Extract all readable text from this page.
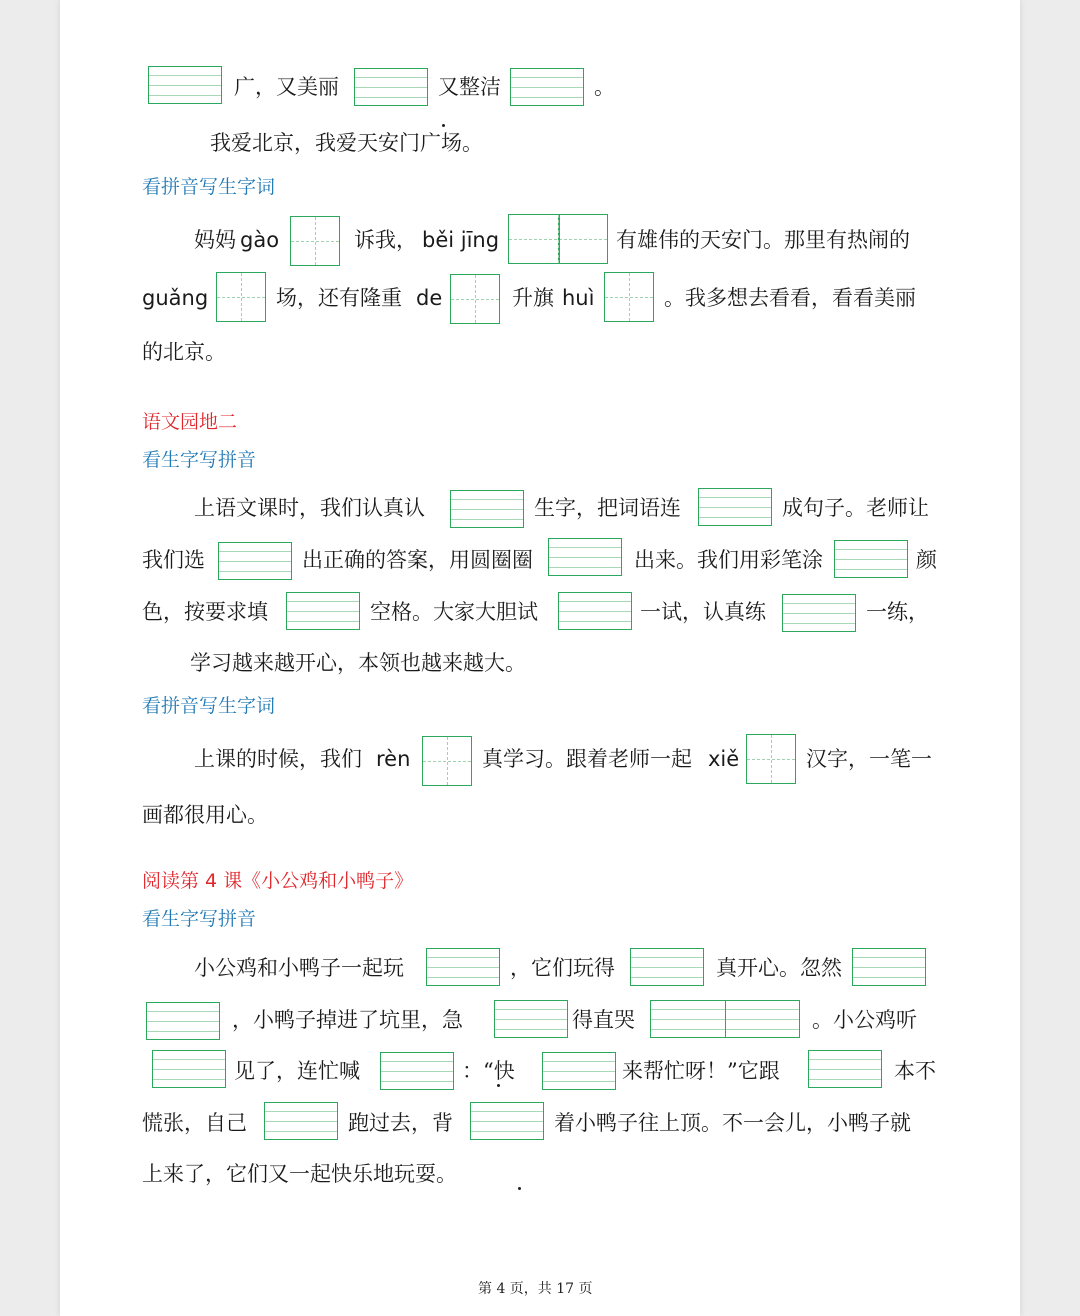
广，又美丽	又整洁	。
我爱北京，我爱天安门广场。
看拼音写生字词
妈妈 gào	诉我， běi jīng	有雄伟的天安门。那里有热闹的
guǎng	场，还有隆重 de	升旗 huì	。我多想去看看，看看美丽
的北京。
语文园地二
看生字写拼音
上语文课时，我们认真认	生字，把词语连	成句子。老师让
我们选	出正确的答案，用圆圈圈	出来。我们用彩笔涂	颜
色，按要求填	空格。大家大胆试	一试，认真练	一练，
学习越来越开心，本领也越来越大。
看拼音写生字词
上课的时候，我们 rèn	真学习。跟着老师一起 xiě	汉字，一笔一
画都很用心。
阅读第 4 课《小公鸡和小鸭子》
看生字写拼音
小公鸡和小鸭子一起玩	，它们玩得	真开心。忽然
，小鸭子掉进了坑里，急	得直哭	。小公鸡听
见了，连忙喊	：“快	来帮忙呀！”它跟	本不
慌张，自己	跑过去，背	着小鸭子往上顶。不一会儿，小鸭子就
上来了，它们又一起快乐地玩耍。
第 4 页，共 17 页
